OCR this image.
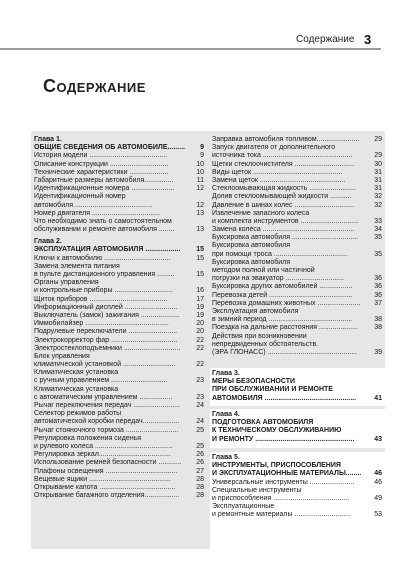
Содержание 3
Содержание
Глава 1.
ОБЩИЕ СВЕДЕНИЯ ОБ АВТОМОБИЛЕ......... 9
История модели ........................................	9
Описание конструкции ..............................	10
Технические характеристики ....................	10
Габаритные размеры автомобиля...............	11
Идентификационные номера ......................	12
Идентификационный номер
автомобиля ........................................	12
Номер двигателя ...................................	13
Что необходимо знать о самостоятельном
обслуживании и ремонте автомобиля ........	13
Глава 2.
ЭКСПЛУАТАЦИЯ АВТОМОБИЛЯ .................. 15
Ключи к автомобилю ..................................	15
Замена элемента питания
в пульте дистанционного управления .........	15
Органы управления
и контрольные приборы ..............................	16
Щиток приборов ........................................	17
Информационный дисплей ...........................	19
Выключатель (замок) зажигания .................... 19
Иммобилайзер ...........................................	20
Подрулевые переключатели .........................	20
Электрокорректор фар ..................................	22
Электростеклоподъемники ............................. 22
Блок управления
климатической установкой ...........................	22
Климатическая установка
с ручным управлением .............................	23
Климатическая установка
с автоматическим управлением .................	23
Рычаг переключения передач ........................ 24
Селектор режимов работы
автоматической коробки передач................... 24
Рычаг стояночного тормоза ...........................	25
Регулировка положения сиденья
и рулевого колеса ........................................	25
Регулировка зеркал.....................................	26
Использование ремней безопасности ............ 26
Плафоны освещения .....................................	27
Вещевые ящики ..........................................	28
Открывание капота .......................................	28
Открывание багажного отделения.................. 28
Заправка автомобиля топливом...................... 29
Запуск двигателя от дополнительного
источника тока ..............................................	29
Щетки стеклоочистителя ...............................	30
Виды щеток ..............................................	31
Замена щеток ............................................	31
Стеклоомывающая жидкость ........................	31
Долив стеклоомывающей жидкости ...........	32
Давление в шинах колес ...............................	32
Извлечение запасного колеса
и комплекта инструментов .............................. 33
Замена колеса ...............................................	34
Буксировка автомобиля .................................. 35
Буксировка автомобиля
при помощи троса ......................................	35
Буксировка автомобиля
методом полной или частичной
погрузки на эвакуатор ..............................	36
Буксировка других автомобилей .................	36
Перевозка детей ...........................................	36
Перевозка домашних животных ...................... 37
Эксплуатация автомобиля
в зимний период ...........................................	38
Поездка на дальние расстояния .................... 38
Действия при возникновении
непредвиденных обстоятельств.
(ЭРА ГЛОНАСС) .............................................. 39
Глава 3.
МЕРЫ БЕЗОПАСНОСТИ
ПРИ ОБСЛУЖИВАНИИ И РЕМОНТЕ
АВТОМОБИЛЯ ...............................................	41
Глава 4.
ПОДГОТОВКА АВТОМОБИЛЯ
К ТЕХНИЧЕСКОМУ ОБСЛУЖИВАНИЮ
И РЕМОНТУ ...................................................	43
Глава 5.
ИНСТРУМЕНТЫ, ПРИСПОСОБЛЕНИЯ
И ЭКСПЛУАТАЦИОННЫЕ МАТЕРИАЛЫ........ 46
Универсальные инструменты .......................	46
Специальные инструменты
и приспособления .......................................	49
Эксплуатационные
и ремонтные материалы .............................	53
